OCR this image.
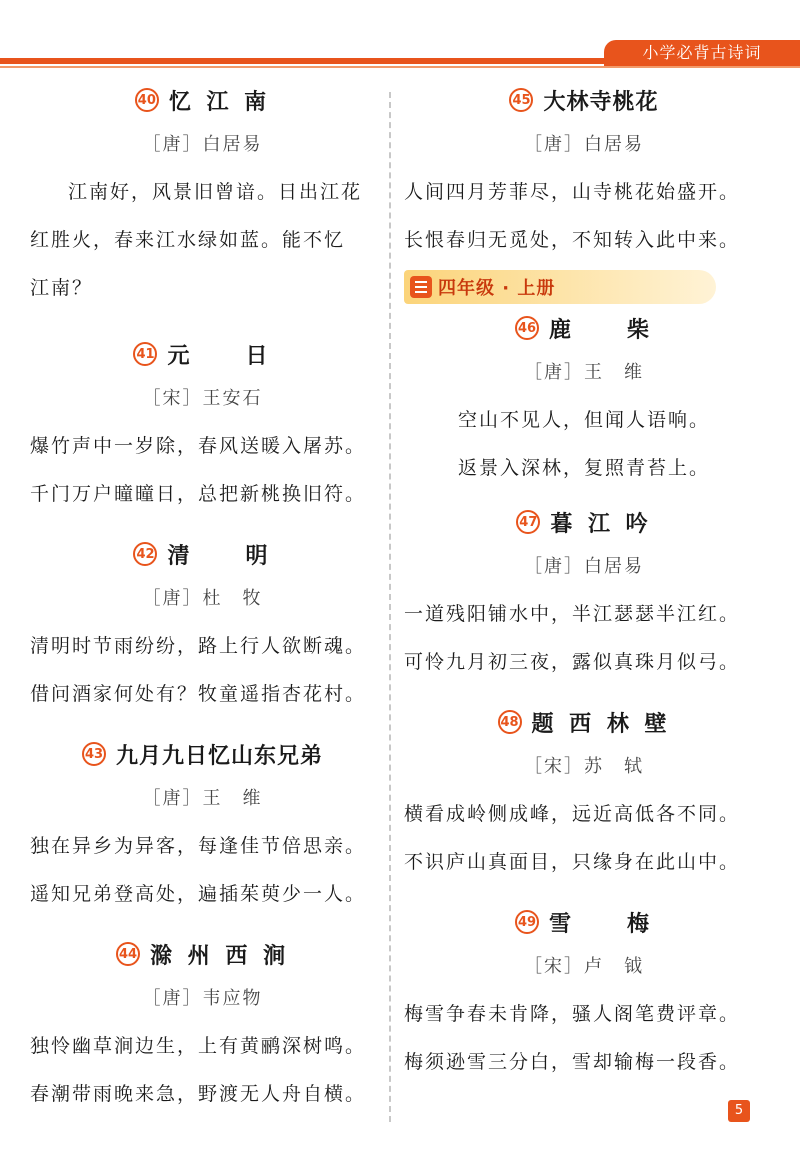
小学必背古诗词
40 忆 江 南
［唐］白居易
江南好，风景旧曾谙。日出江花
红胜火，春来江水绿如蓝。能不忆
江南？
41 元　　日
［宋］王安石
爆竹声中一岁除，春风送暖入屠苏。
千门万户曈曈日，总把新桃换旧符。
42 清　　明
［唐］杜　牧
清明时节雨纷纷，路上行人欲断魂。
借问酒家何处有？牧童遥指杏花村。
43 九月九日忆山东兄弟
［唐］王　维
独在异乡为异客，每逢佳节倍思亲。
遥知兄弟登高处，遍插茱萸少一人。
44 滁 州 西 涧
［唐］韦应物
独怜幽草涧边生，上有黄鹂深树鸣。
春潮带雨晚来急，野渡无人舟自横。
45 大林寺桃花
［唐］白居易
人间四月芳菲尽，山寺桃花始盛开。
长恨春归无觅处，不知转入此中来。
四年级 · 上册
46 鹿　　柴
［唐］王　维
空山不见人，但闻人语响。
返景入深林，复照青苔上。
47 暮 江 吟
［唐］白居易
一道残阳铺水中，半江瑟瑟半江红。
可怜九月初三夜，露似真珠月似弓。
48 题 西 林 壁
［宋］苏　轼
横看成岭侧成峰，远近高低各不同。
不识庐山真面目，只缘身在此山中。
49 雪　　梅
［宋］卢　钺
梅雪争春未肯降，骚人阁笔费评章。
梅须逊雪三分白，雪却输梅一段香。
5
